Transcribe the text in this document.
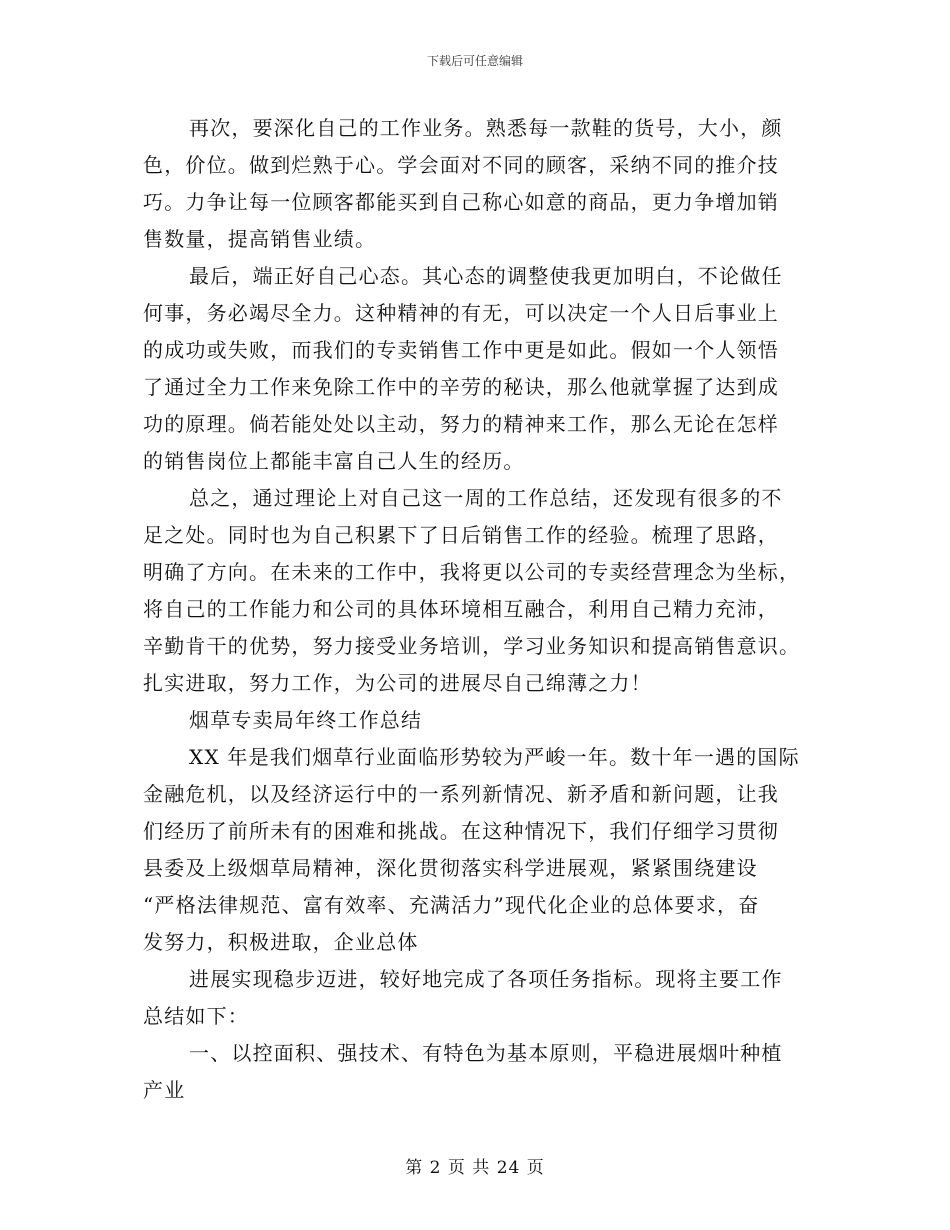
下载后可任意编辑
再次，要深化自己的工作业务。熟悉每一款鞋的货号，大小，颜
色，价位。做到烂熟于心。学会面对不同的顾客，采纳不同的推介技
巧。力争让每一位顾客都能买到自己称心如意的商品，更力争增加销
售数量，提高销售业绩。
最后，端正好自己心态。其心态的调整使我更加明白，不论做任
何事，务必竭尽全力。这种精神的有无，可以决定一个人日后事业上
的成功或失败，而我们的专卖销售工作中更是如此。假如一个人领悟
了通过全力工作来免除工作中的辛劳的秘诀，那么他就掌握了达到成
功的原理。倘若能处处以主动，努力的精神来工作，那么无论在怎样
的销售岗位上都能丰富自己人生的经历。
总之，通过理论上对自己这一周的工作总结，还发现有很多的不
足之处。同时也为自己积累下了日后销售工作的经验。梳理了思路，
明确了方向。在未来的工作中，我将更以公司的专卖经营理念为坐标，
将自己的工作能力和公司的具体环境相互融合，利用自己精力充沛，
辛勤肯干的优势，努力接受业务培训，学习业务知识和提高销售意识。
扎实进取，努力工作，为公司的进展尽自己绵薄之力！
烟草专卖局年终工作总结
XX 年是我们烟草行业面临形势较为严峻一年。数十年一遇的国际
金融危机，以及经济运行中的一系列新情况、新矛盾和新问题，让我
们经历了前所未有的困难和挑战。在这种情况下，我们仔细学习贯彻
县委及上级烟草局精神，深化贯彻落实科学进展观，紧紧围绕建设
“严格法律规范、富有效率、充满活力”现代化企业的总体要求，奋
发努力，积极进取，企业总体
进展实现稳步迈进，较好地完成了各项任务指标。现将主要工作
总结如下：
一、以控面积、强技术、有特色为基本原则，平稳进展烟叶种植
产业
第 2 页 共 24 页
